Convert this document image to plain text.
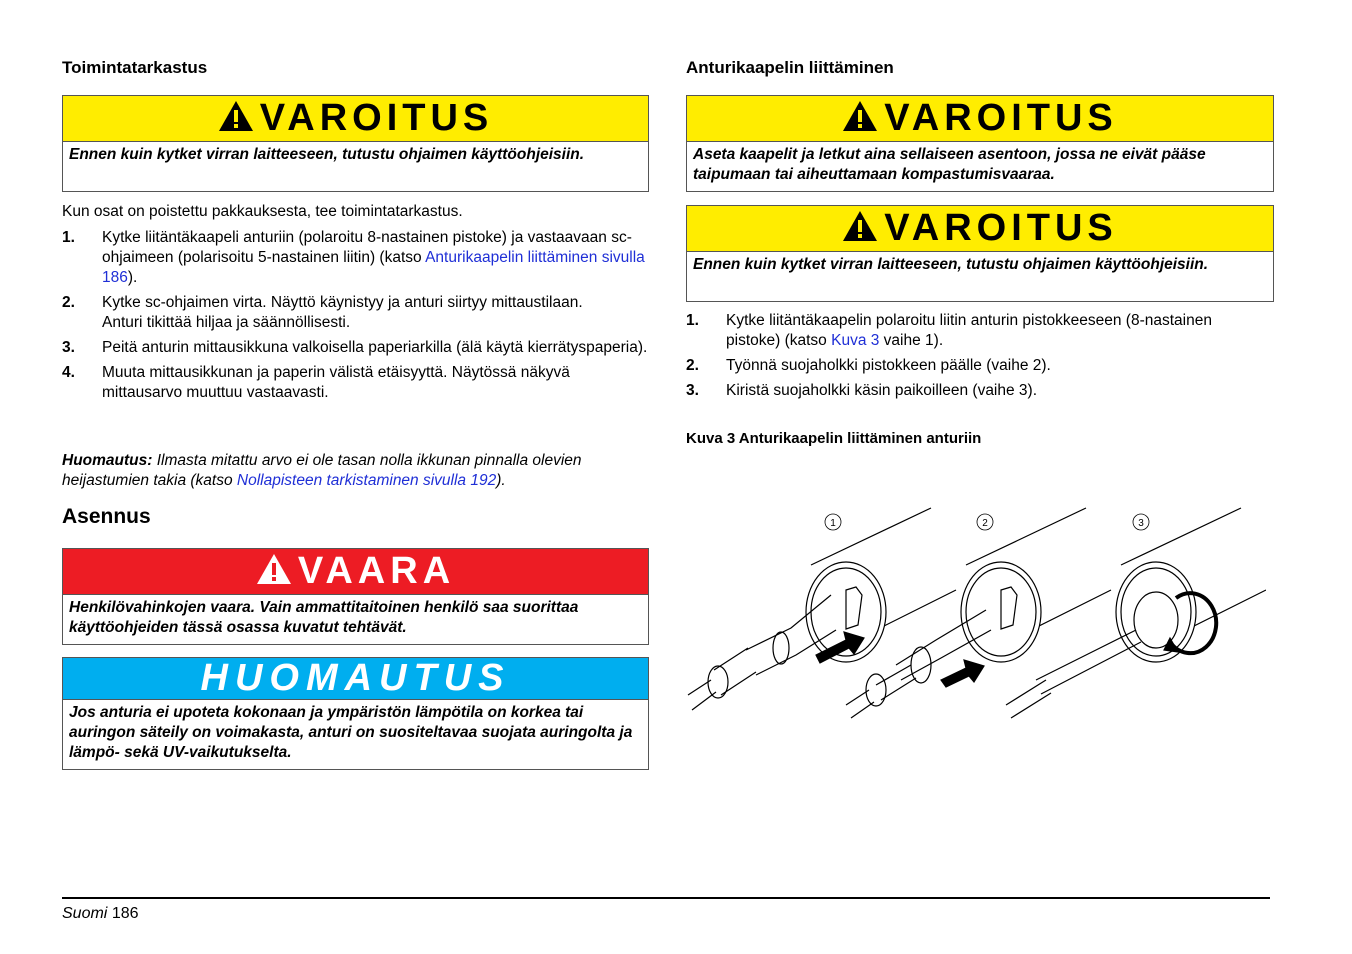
Toimintatarkastus
VAROITUS
Ennen kuin kytket virran laitteeseen, tutustu ohjaimen käyttöohjeisiin.
Kun osat on poistettu pakkauksesta, tee toimintatarkastus.
1. Kytke liitäntäkaapeli anturiin (polaroitu 8-nastainen pistoke) ja vastaavaan sc-ohjaimeen (polarisoitu 5-nastainen liitin) (katso Anturikaapelin liittäminen sivulla 186).
2. Kytke sc-ohjaimen virta. Näyttö käynistyy ja anturi siirtyy mittaustilaan.
Anturi tikittää hiljaa ja säännöllisesti.
3. Peitä anturin mittausikkuna valkoisella paperiarkilla (älä käytä kierrätyspaperia).
4. Muuta mittausikkunan ja paperin välistä etäisyyttä. Näytössä näkyvä mittausarvo muuttuu vastaavasti.
Huomautus: Ilmasta mitattu arvo ei ole tasan nolla ikkunan pinnalla olevien heijastumien takia (katso Nollapisteen tarkistaminen sivulla 192).
Asennus
VAARA
Henkilövahinkojen vaara. Vain ammattitaitoinen henkilö saa suorittaa käyttöohjeiden tässä osassa kuvatut tehtävät.
HUOMAUTUS
Jos anturia ei upoteta kokonaan ja ympäristön lämpötila on korkea tai auringon säteily on voimakasta, anturi on suositeltavaa suojata auringolta ja lämpö- sekä UV-vaikutukselta.
Anturikaapelin liittäminen
VAROITUS
Aseta kaapelit ja letkut aina sellaiseen asentoon, jossa ne eivät pääse taipumaan tai aiheuttamaan kompastumisvaaraa.
VAROITUS
Ennen kuin kytket virran laitteeseen, tutustu ohjaimen käyttöohjeisiin.
1. Kytke liitäntäkaapelin polaroitu liitin anturin pistokkeeseen (8-nastainen pistoke) (katso Kuva 3 vaihe 1).
2. Työnnä suojaholkki pistokkeen päälle (vaihe 2).
3. Kiristä suojaholkki käsin paikoilleen (vaihe 3).
Kuva 3 Anturikaapelin liittäminen anturiin
1	2	3
Suomi 186
